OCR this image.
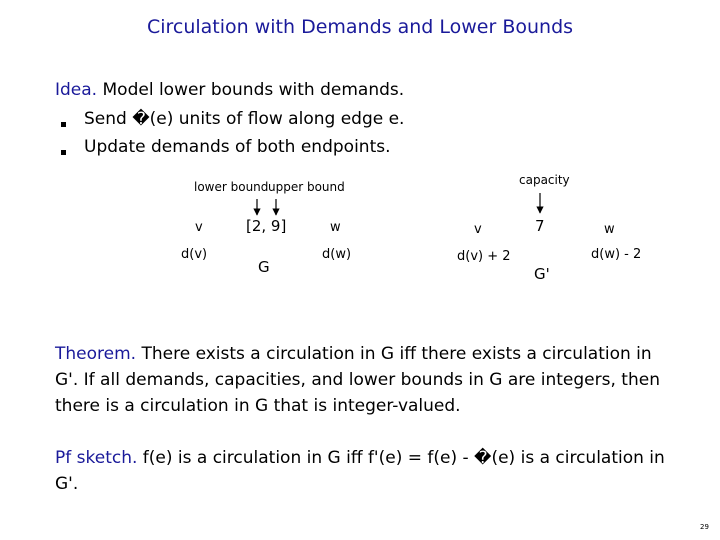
Circulation with Demands and Lower Bounds
Idea. Model lower bounds with demands.
Send �(e) units of flow along edge e.
Update demands of both endpoints.
lower bound upper bound
v	[2, 9]	w
d(v)	d(w)
G
capacity
v	7	w
d(v) + 2	d(w) - 2
G'
Theorem. There exists a circulation in G iff there exists a circulation in G'. If all demands, capacities, and lower bounds in G are integers, then there is a circulation in G that is integer-valued.
Pf sketch. f(e) is a circulation in G iff f'(e) = f(e) - �(e) is a circulation in G'.
29
